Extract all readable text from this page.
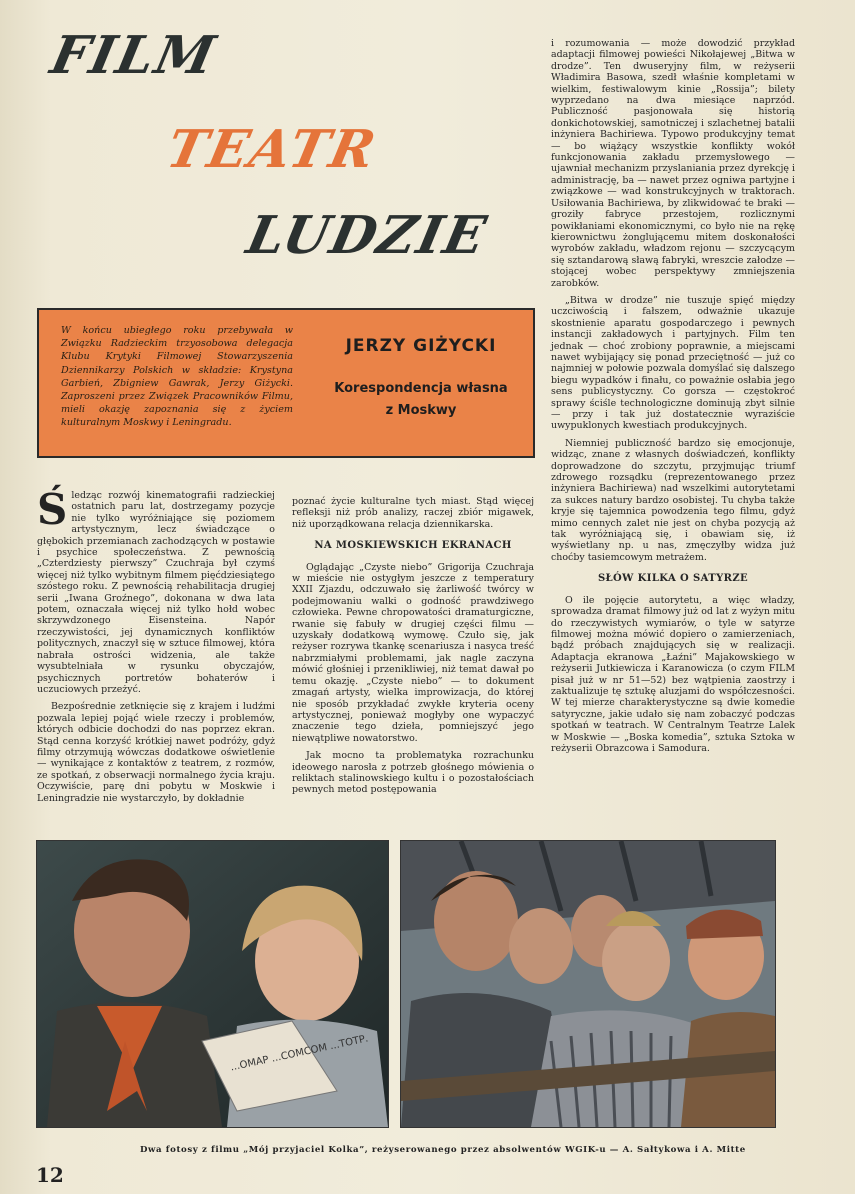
FILM
TEATR
LUDZIE

W końcu ubiegłego roku przebywała w Związku Radzieckim trzyosobowa delegacja Klubu Krytyki Filmowej Stowarzyszenia Dziennikarzy Polskich w składzie: Krystyna Garbień, Zbigniew Gawrak, Jerzy Giżycki. Zaproszeni przez Związek Pracowników Filmu, mieli okazję zapoznania się z życiem kulturalnym Moskwy i Leningradu.

JERZY GIŻYCKI

Korespondencja własna

z Moskwy

Ś ledząc rozwój kinematografii radzieckiej ostatnich paru lat, dostrzegamy pozycje nie tylko wyróżniające się poziomem artystycznym, lecz świadczące o głębokich przemianach zachodzących w postawie i psychice społeczeństwa. Z pewnością „Czterdziesty pierwszy” Czuchraja był czymś więcej niż tylko wybitnym filmem pięćdziesiątego szóstego roku. Z pewnością rehabilitacja drugiej serii „Iwana Groźnego”, dokonana w dwa lata potem, oznaczała więcej niż tylko hołd wobec skrzywdzonego Eisensteina. Napór rzeczywistości, jej dynamicznych konfliktów politycznych, znaczył się w sztuce filmowej, która nabrała ostrości widzenia, ale także wysubtelniała w rysunku obyczajów, psychicznych portretów bohaterów i uczuciowych przeżyć.

Bezpośrednie zetknięcie się z krajem i ludźmi pozwala lepiej pojąć wiele rzeczy i problemów, których odbicie dochodzi do nas poprzez ekran. Stąd cenna korzyść krótkiej nawet podróży, gdyż filmy otrzymują wówczas dodatkowe oświetlenie — wynikające z kontaktów z teatrem, z rozmów, ze spotkań, z obserwacji normalnego życia kraju. Oczywiście, parę dni pobytu w Moskwie i Leningradzie nie wystarczyło, by dokładnie

poznać życie kulturalne tych miast. Stąd więcej refleksji niż prób analizy, raczej zbiór migawek, niż uporządkowana relacja dziennikarska.

NA MOSKIEWSKICH EKRANACH

Oglądając „Czyste niebo” Grigorija Czuchraja w mieście nie ostygłym jeszcze z temperatury XXII Zjazdu, odczuwało się żarliwość twórcy w podejmowaniu walki o godność prawdziwego człowieka. Pewne chropowatości dramaturgiczne, rwanie się fabuły w drugiej części filmu — uzyskały dodatkową wymowę. Czuło się, jak reżyser rozrywa tkankę scenariusza i nasyca treść nabrzmiałymi problemami, jak nagle zaczyna mówić głośniej i przenikliwiej, niż temat dawał po temu okazję. „Czyste niebo” — to dokument zmagań artysty, wielka improwizacja, do której nie sposób przykładać zwykłe kryteria oceny artystycznej, ponieważ mogłyby one wypaczyć znaczenie tego dzieła, pomniejszyć jego niewątpliwe nowatorstwo.

Jak mocno ta problematyka rozrachunku ideowego narosła z potrzeb głośnego mówienia o reliktach stalinowskiego kultu i o pozostałościach pewnych metod postępowania

i rozumowania — może dowodzić przykład adaptacji filmowej powieści Nikołajewej „Bitwa w drodze”. Ten dwuseryjny film, w reżyserii Władimira Basowa, szedł właśnie kompletami w wielkim, festiwalowym kinie „Rossija”; bilety wyprzedano na dwa miesiące naprzód. Publiczność pasjonowała się historią donkichotowskiej, samotniczej i szlachetnej batalii inżyniera Bachiriewa. Typowo produkcyjny temat — bo wiążący wszystkie konflikty wokół funkcjonowania zakładu przemysłowego — ujawniał mechanizm przyslaniania przez dyrekcję i administrację, ba — nawet przez ogniwa partyjne i związkowe — wad konstrukcyjnych w traktorach. Usiłowania Bachiriewa, by zlikwidować te braki — groziły fabryce przestojem, rozlicznymi powikłaniami ekonomicznymi, co było nie na rękę kierownictwu żonglującemu mitem doskonałości wyrobów zakładu, władzom rejonu — szczycącym się sztandarową sławą fabryki, wreszcie załodze — stojącej wobec perspektywy zmniejszenia zarobków.

„Bitwa w drodze” nie tuszuje spięć między uczciwością i fałszem, odważnie ukazuje skostnienie aparatu gospodarczego i pewnych instancji zakładowych i partyjnych. Film ten jednak — choć zrobiony poprawnie, a miejscami nawet wybijający się ponad przeciętność — już co najmniej w połowie pozwala domyślać się dalszego biegu wypadków i finału, co poważnie osłabia jego sens publicystyczny. Co gorsza — częstokroć sprawy ściśle technologiczne dominują zbyt silnie — przy i tak już dostatecznie wyraziście uwypuklonych kwestiach produkcyjnych.

Niemniej publiczność bardzo się emocjonuje, widząc, znane z własnych doświadczeń, konflikty doprowadzone do szczytu, przyjmując triumf zdrowego rozsądku (reprezentowanego przez inżyniera Bachiriewa) nad wszelkimi autorytetami za sukces natury bardzo osobistej. Tu chyba także kryje się tajemnica powodzenia tego filmu, gdyż mimo cennych zalet nie jest on chyba pozycją aż tak wyróżniającą się, i obawiam się, iż wyświetlany np. u nas, zmęczyłby widza już choćby tasiemcowym metrażem.

SŁÓW KILKA O SATYRZE

O ile pojęcie autorytetu, a więc władzy, sprowadza dramat filmowy już od lat z wyżyn mitu do rzeczywistych wymiarów, o tyle w satyrze filmowej można mówić dopiero o zamierzeniach, bądź próbach znajdujących się w realizacji. Adaptacja ekranowa „Łaźni” Majakowskiego w reżyserii Jutkiewicza i Karanowicza (o czym FILM pisał już w nr 51—52) bez wątpienia zaostrzy i zaktualizuje tę sztukę aluzjami do współczesności. W tej mierze charakterystyczne są dwie komedie satyryczne, jakie udało się nam zobaczyć podczas spotkań w teatrach. W Centralnym Teatrze Lalek w Moskwie — „Boska komedia”, sztuka Sztoka w reżyserii Obrazcowa i Samodura.

...ОМАР ...СОМСОМ ...ТОТР.

Dwa fotosy z filmu „Mój przyjaciel Kolka”, reżyserowanego przez absolwentów WGIK-u — A. Sałtykowa i A. Mitte

12
